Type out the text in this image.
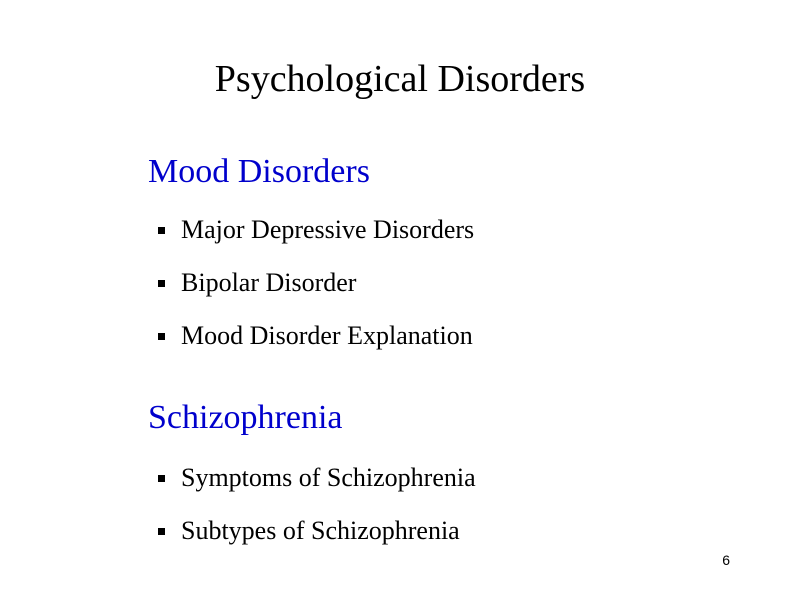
Psychological Disorders
Mood Disorders
Major Depressive Disorders
Bipolar Disorder
Mood Disorder Explanation
Schizophrenia
Symptoms of Schizophrenia
Subtypes of Schizophrenia
6
